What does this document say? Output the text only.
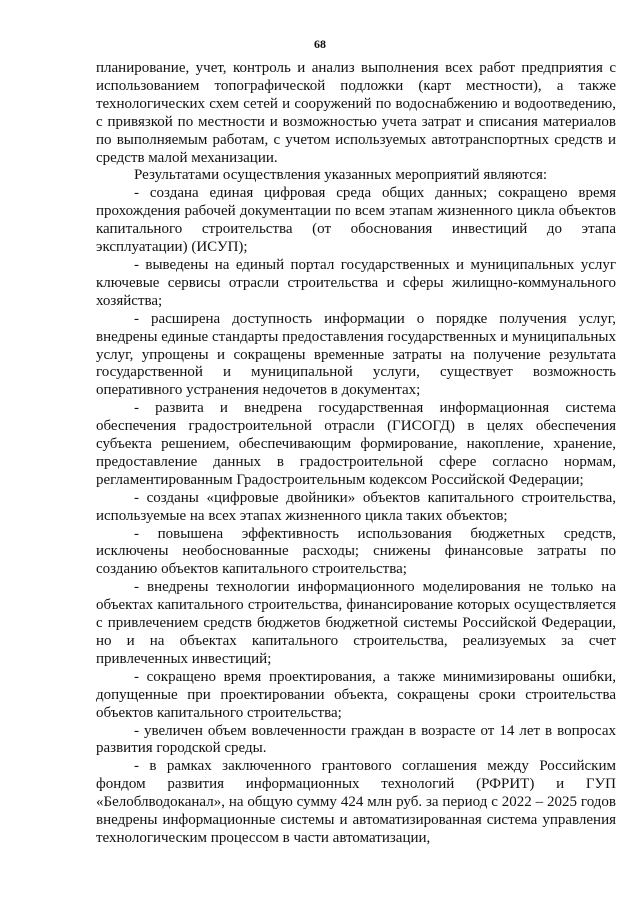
68

планирование, учет, контроль и анализ выполнения всех работ предприятия с использованием топографической подложки (карт местности), а также технологических схем сетей и сооружений по водоснабжению и водоотведению, с привязкой по местности и возможностью учета затрат и списания материалов по выполняемым работам, с учетом используемых автотранспортных средств и средств малой механизации.

Результатами осуществления указанных мероприятий являются:

- создана единая цифровая среда общих данных; сокращено время прохождения рабочей документации по всем этапам жизненного цикла объектов капитального строительства (от обоснования инвестиций до этапа эксплуатации) (ИСУП);

- выведены на единый портал государственных и муниципальных услуг ключевые сервисы отрасли строительства и сферы жилищно-коммунального хозяйства;

- расширена доступность информации о порядке получения услуг, внедрены единые стандарты предоставления государственных и муниципальных услуг, упрощены и сокращены временные затраты на получение результата государственной и муниципальной услуги, существует возможность оперативного устранения недочетов в документах;

- развита и внедрена государственная информационная система обеспечения градостроительной отрасли (ГИСОГД) в целях обеспечения субъекта решением, обеспечивающим формирование, накопление, хранение, предоставление данных в градостроительной сфере согласно нормам, регламентированным Градостроительным кодексом Российской Федерации;

- созданы «цифровые двойники» объектов капитального строительства, используемые на всех этапах жизненного цикла таких объектов;

- повышена эффективность использования бюджетных средств, исключены необоснованные расходы; снижены финансовые затраты по созданию объектов капитального строительства;

- внедрены технологии информационного моделирования не только на объектах капитального строительства, финансирование которых осуществляется с привлечением средств бюджетов бюджетной системы Российской Федерации, но и на объектах капитального строительства, реализуемых за счет привлеченных инвестиций;

- сокращено время проектирования, а также минимизированы ошибки, допущенные при проектировании объекта, сокращены сроки строительства объектов капитального строительства;

- увеличен объем вовлеченности граждан в возрасте от 14 лет в вопросах развития городской среды.

- в рамках заключенного грантового соглашения между Российским фондом развития информационных технологий (РФРИТ) и ГУП «Белоблводоканал», на общую сумму 424 млн руб. за период с 2022 – 2025 годов внедрены информационные системы и автоматизированная система управления технологическим процессом в части автоматизации,
